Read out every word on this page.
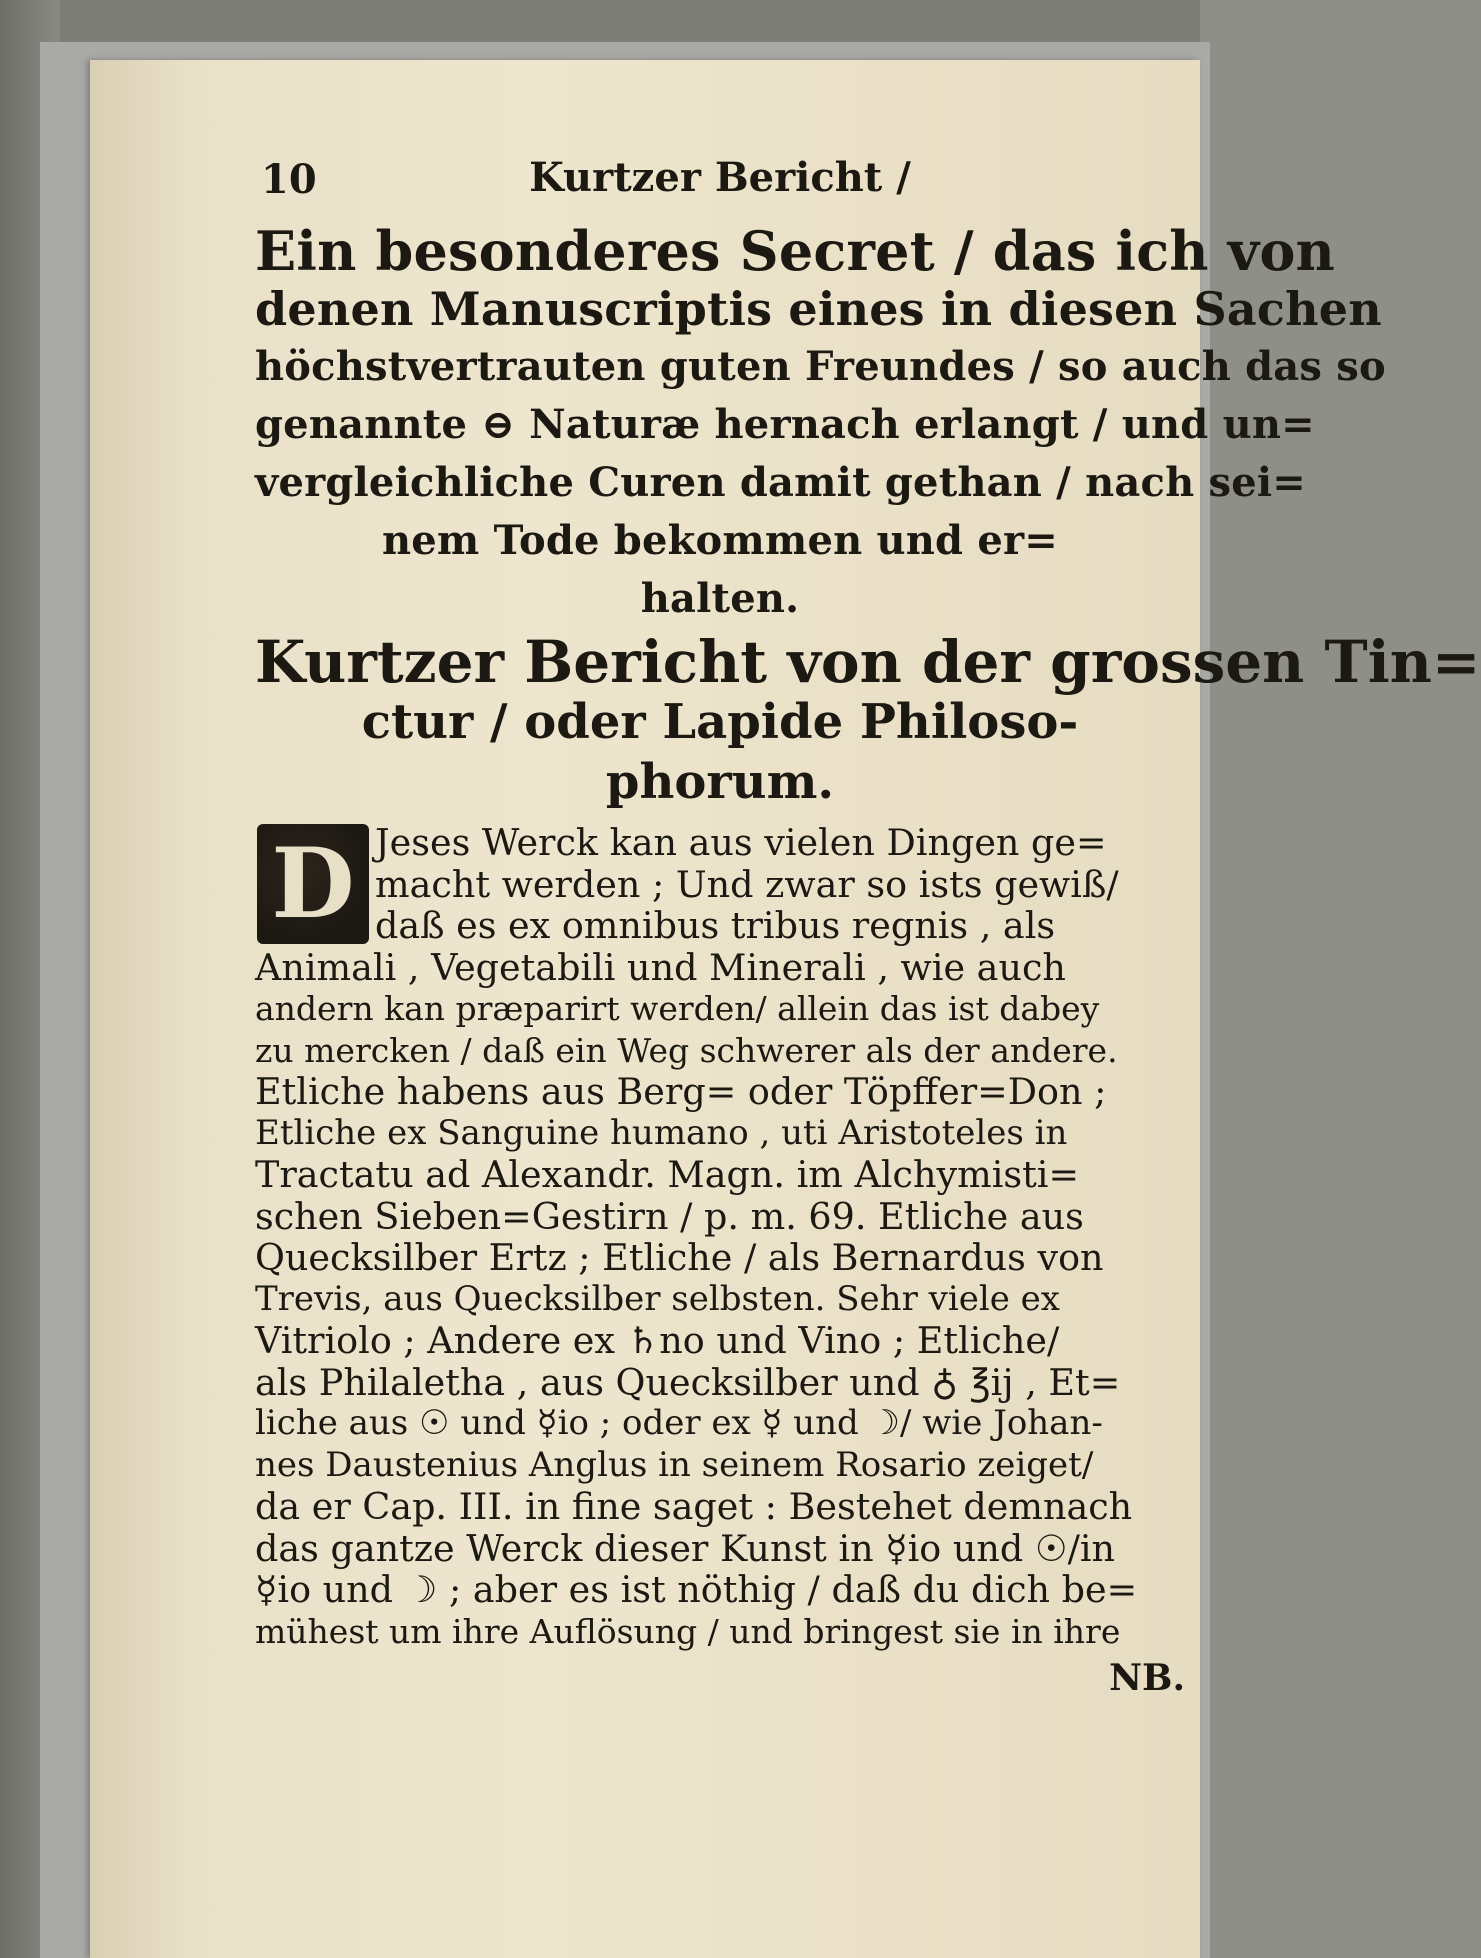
10	Kurtzer Bericht /
Ein besonderes Secret / das ich von
denen Manuscriptis eines in diesen Sachen
höchstvertrauten guten Freundes / so auch das so
genannte ⊖ Naturæ hernach erlangt / und un=
vergleichliche Curen damit gethan / nach sei=
nem Tode bekommen und er=
halten.
Kurtzer Bericht von der grossen Tin=
ctur / oder Lapide Philoso-
phorum.
D Jeses Werck kan aus vielen Dingen ge=
macht werden ; Und zwar so ists gewiß/
daß es ex omnibus tribus regnis , als
Animali , Vegetabili und Minerali , wie auch
andern kan præparirt werden/ allein das ist dabey
zu mercken / daß ein Weg schwerer als der andere.
Etliche habens aus Berg= oder Töpffer=Don ;
Etliche ex Sanguine humano , uti Aristoteles in
Tractatu ad Alexandr. Magn. im Alchymisti=
schen Sieben=Gestirn / p. m. 69. Etliche aus
Quecksilber Ertz ; Etliche / als Bernardus von
Trevis, aus Quecksilber selbsten. Sehr viele ex
Vitriolo ; Andere ex ♄no und Vino ; Etliche/
als Philaletha , aus Quecksilber und ♁ ℥ij , Et=
liche aus ☉ und ☿io ; oder ex ☿ und ☽/ wie Johan-
nes Daustenius Anglus in seinem Rosario zeiget/
da er Cap. III. in fine saget : Bestehet demnach
das gantze Werck dieser Kunst in ☿io und ☉/in
☿io und ☽ ; aber es ist nöthig / daß du dich be=
mühest um ihre Auflösung / und bringest sie in ihre
NB.
